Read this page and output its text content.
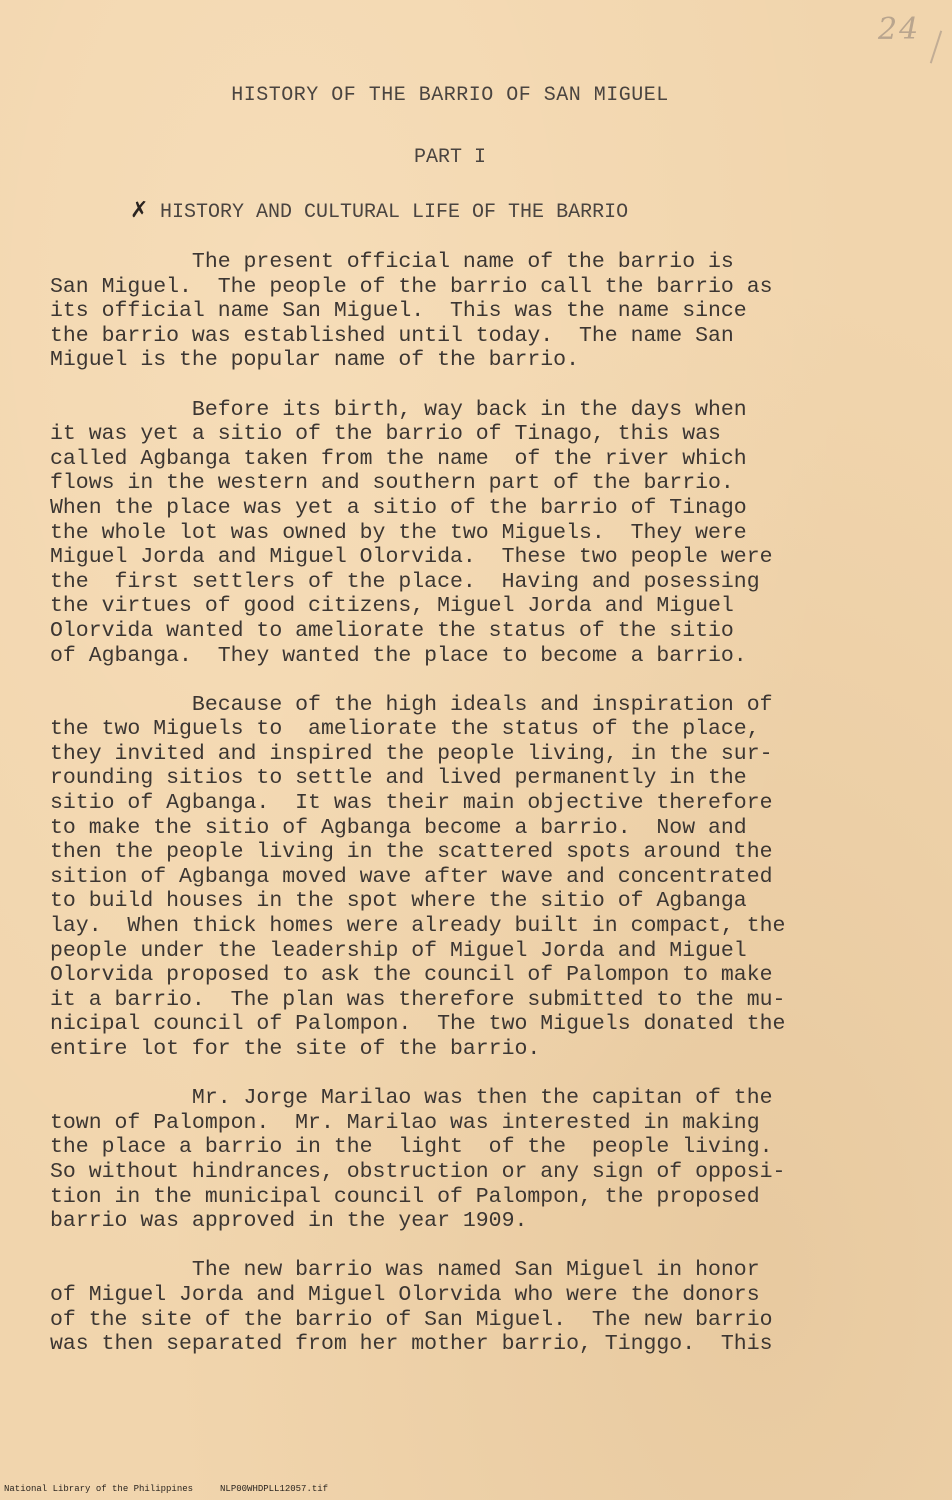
24
HISTORY OF THE BARRIO OF SAN MIGUEL
PART I
✗ HISTORY AND CULTURAL LIFE OF THE BARRIO

The present official name of the barrio is
San Miguel.  The people of the barrio call the barrio as
its official name San Miguel.  This was the name since
the barrio was established until today.  The name San
Miguel is the popular name of the barrio.

Before its birth, way back in the days when
it was yet a sitio of the barrio of Tinago, this was
called Agbanga taken from the name  of the river which
flows in the western and southern part of the barrio.
When the place was yet a sitio of the barrio of Tinago
the whole lot was owned by the two Miguels.  They were
Miguel Jorda and Miguel Olorvida.  These two people were
the  first settlers of the place.  Having and posessing
the virtues of good citizens, Miguel Jorda and Miguel
Olorvida wanted to ameliorate the status of the sitio
of Agbanga.  They wanted the place to become a barrio.

Because of the high ideals and inspiration of
the two Miguels to  ameliorate the status of the place,
they invited and inspired the people living, in the sur-
rounding sitios to settle and lived permanently in the
sitio of Agbanga.  It was their main objective therefore
to make the sitio of Agbanga become a barrio.  Now and
then the people living in the scattered spots around the
sition of Agbanga moved wave after wave and concentrated
to build houses in the spot where the sitio of Agbanga
lay.  When thick homes were already built in compact, the
people under the leadership of Miguel Jorda and Miguel
Olorvida proposed to ask the council of Palompon to make
it a barrio.  The plan was therefore submitted to the mu-
nicipal council of Palompon.  The two Miguels donated the
entire lot for the site of the barrio.

Mr. Jorge Marilao was then the capitan of the
town of Palompon.  Mr. Marilao was interested in making
the place a barrio in the  light  of the  people living.
So without hindrances, obstruction or any sign of opposi-
tion in the municipal council of Palompon, the proposed
barrio was approved in the year 1909.

The new barrio was named San Miguel in honor
of Miguel Jorda and Miguel Olorvida who were the donors
of the site of the barrio of San Miguel.  The new barrio
was then separated from her mother barrio, Tinggo.  This

National Library of the Philippines     NLP00WHDPLL12057.tif
